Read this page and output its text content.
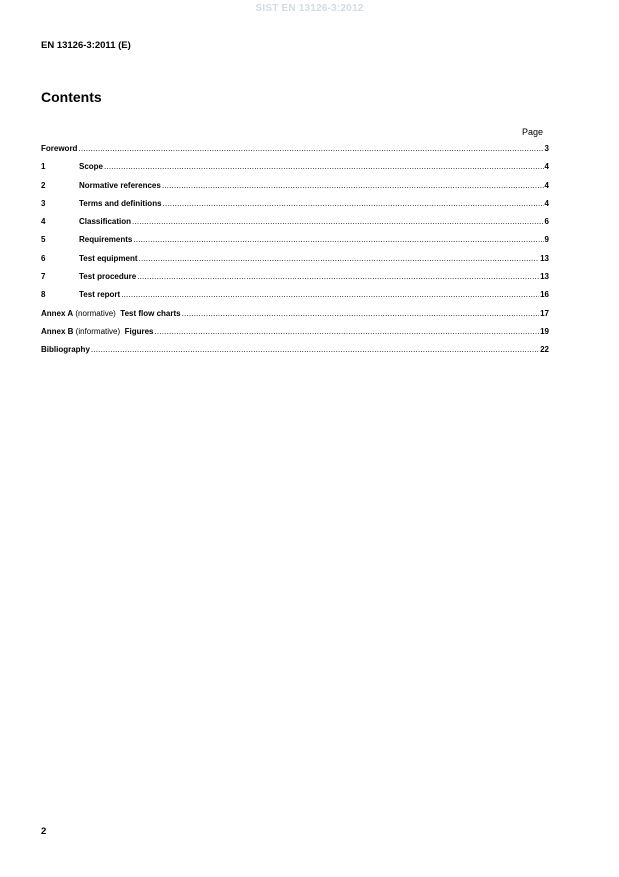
SIST EN 13126-3:2012
EN 13126-3:2011 (E)
Contents
Page
Foreword .....	3
1	Scope .....	4
2	Normative references .....	4
3	Terms and definitions .....	4
4	Classification .....	6
5	Requirements .....	9
6	Test equipment .....	13
7	Test procedure .....	13
8	Test report .....	16
Annex A (normative)  Test flow charts .....	17
Annex B (informative)  Figures .....	19
Bibliography .....	22
2
